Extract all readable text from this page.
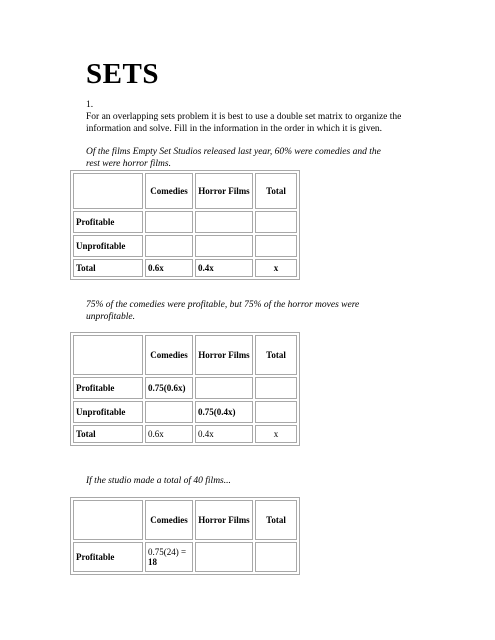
SETS
1.
For an overlapping sets problem it is best to use a double set matrix to organize the information and solve. Fill in the information in the order in which it is given.
Of the films Empty Set Studios released last year, 60% were comedies and the rest were horror films.
	Comedies	Horror Films	Total
Profitable			
Unprofitable			
Total	0.6x	0.4x	x
75% of the comedies were profitable, but 75% of the horror moves were unprofitable.
	Comedies	Horror Films	Total
Profitable	0.75(0.6x)		
Unprofitable		0.75(0.4x)	
Total	0.6x	0.4x	x
If the studio made a total of 40 films...
	Comedies	Horror Films	Total
Profitable	0.75(24) =
18		
